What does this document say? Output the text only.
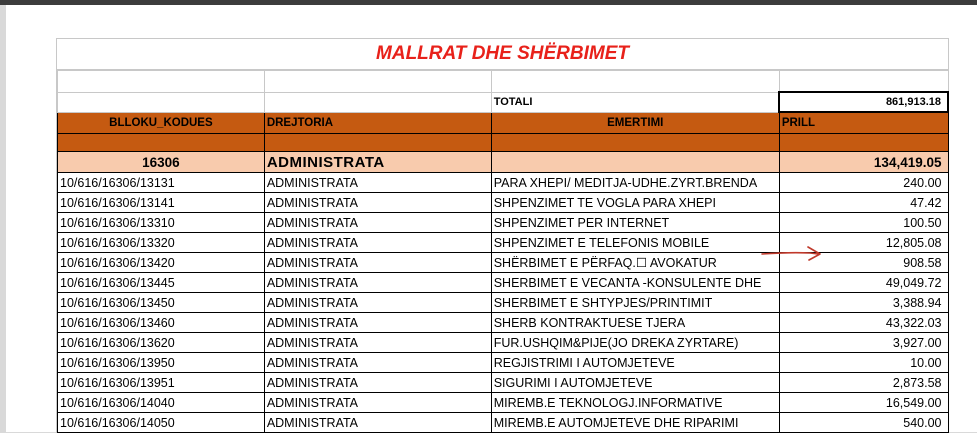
MALLRAT DHE SHËRBIMET

		TOTALI	861,913.18
BLLOKU_KODUES	DREJTORIA	EMERTIMI	PRILL

16306	ADMINISTRATA		134,419.05
10/616/16306/13131	ADMINISTRATA	PARA XHEPI/ MEDITJA-UDHE.ZYRT.BRENDA	240.00
10/616/16306/13141	ADMINISTRATA	SHPENZIMET TE VOGLA PARA XHEPI	47.42
10/616/16306/13310	ADMINISTRATA	SHPENZIMET PER INTERNET	100.50
10/616/16306/13320	ADMINISTRATA	SHPENZIMET E TELEFONIS MOBILE	12,805.08
10/616/16306/13420	ADMINISTRATA	SHËRBIMET E PËRFAQ.☐ AVOKATUR	908.58
10/616/16306/13445	ADMINISTRATA	SHERBIMET E VECANTA -KONSULENTE DHE	49,049.72
10/616/16306/13450	ADMINISTRATA	SHERBIMET E SHTYPJES/PRINTIMIT	3,388.94
10/616/16306/13460	ADMINISTRATA	SHERB KONTRAKTUESE TJERA	43,322.03
10/616/16306/13620	ADMINISTRATA	FUR.USHQIM&PIJE(JO DREKA ZYRTARE)	3,927.00
10/616/16306/13950	ADMINISTRATA	REGJISTRIMI I AUTOMJETEVE	10.00
10/616/16306/13951	ADMINISTRATA	SIGURIMI I AUTOMJETEVE	2,873.58
10/616/16306/14040	ADMINISTRATA	MIREMB.E TEKNOLOGJ.INFORMATIVE	16,549.00
10/616/16306/14050	ADMINISTRATA	MIREMB.E AUTOMJETEVE DHE RIPARIMI	540.00
